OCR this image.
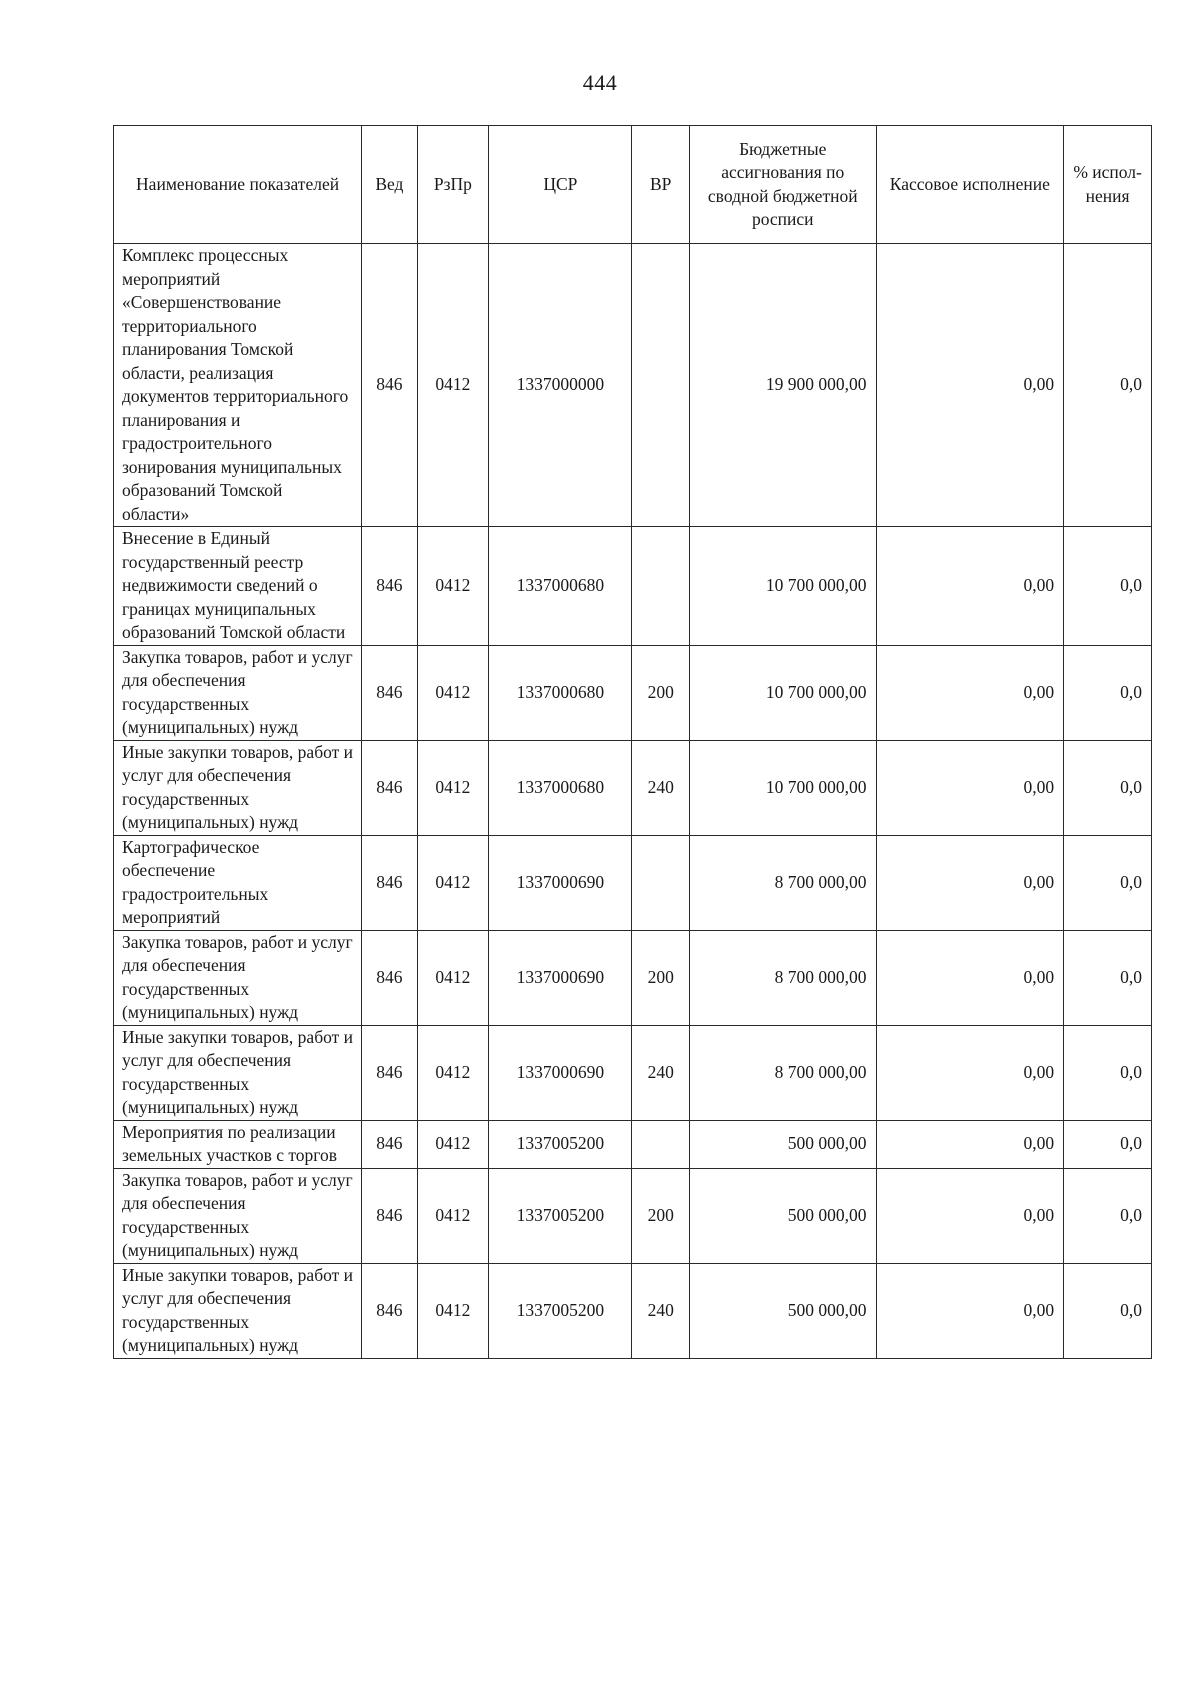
444
Наименование показателей	Вед	РзПр	ЦСР	ВР	Бюджетные ассигнования по сводной бюджетной росписи	Кассовое исполнение	% испол-нения
Комплекс процессных мероприятий «Совершенствование территориального планирования Томской области, реализация документов территориального планирования и градостроительного зонирования муниципальных образований Томской области»	846	0412	1337000000		19 900 000,00	0,00	0,0
Внесение в Единый государственный реестр недвижимости сведений о границах муниципальных образований Томской области	846	0412	1337000680		10 700 000,00	0,00	0,0
Закупка товаров, работ и услуг для обеспечения государственных (муниципальных) нужд	846	0412	1337000680	200	10 700 000,00	0,00	0,0
Иные закупки товаров, работ и услуг для обеспечения государственных (муниципальных) нужд	846	0412	1337000680	240	10 700 000,00	0,00	0,0
Картографическое обеспечение градостроительных мероприятий	846	0412	1337000690		8 700 000,00	0,00	0,0
Закупка товаров, работ и услуг для обеспечения государственных (муниципальных) нужд	846	0412	1337000690	200	8 700 000,00	0,00	0,0
Иные закупки товаров, работ и услуг для обеспечения государственных (муниципальных) нужд	846	0412	1337000690	240	8 700 000,00	0,00	0,0
Мероприятия по реализации земельных участков с торгов	846	0412	1337005200		500 000,00	0,00	0,0
Закупка товаров, работ и услуг для обеспечения государственных (муниципальных) нужд	846	0412	1337005200	200	500 000,00	0,00	0,0
Иные закупки товаров, работ и услуг для обеспечения государственных (муниципальных) нужд	846	0412	1337005200	240	500 000,00	0,00	0,0
